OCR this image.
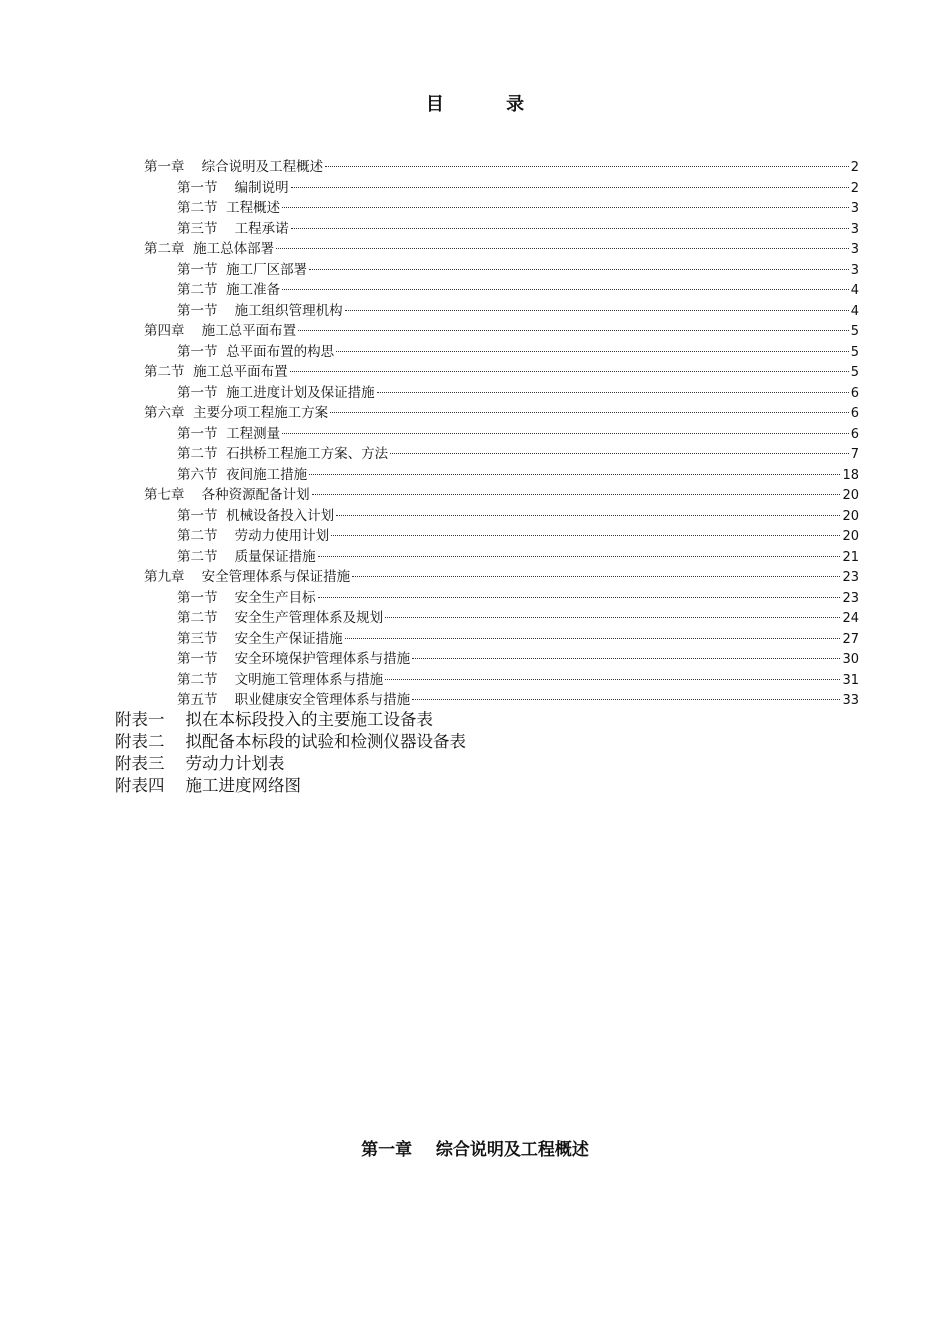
目 录
第一章    综合说明及工程概述	2
第一节    编制说明	2
第二节  工程概述	3
第三节    工程承诺	3
第二章  施工总体部署	3
第一节  施工厂区部署	3
第二节  施工准备	4
第一节    施工组织管理机构	4
第四章    施工总平面布置	5
第一节  总平面布置的构思	5
第二节  施工总平面布置	5
第一节  施工进度计划及保证措施	6
第六章  主要分项工程施工方案	6
第一节  工程测量	6
第二节  石拱桥工程施工方案、方法	7
第六节  夜间施工措施	18
第七章    各种资源配备计划	20
第一节  机械设备投入计划	20
第二节    劳动力使用计划	20
第二节    质量保证措施	21
第九章    安全管理体系与保证措施	23
第一节    安全生产目标	23
第二节    安全生产管理体系及规划	24
第三节    安全生产保证措施	27
第一节    安全环境保护管理体系与措施	30
第二节    文明施工管理体系与措施	31
第五节    职业健康安全管理体系与措施	33
附表一    拟在本标段投入的主要施工设备表
附表二    拟配备本标段的试验和检测仪器设备表
附表三    劳动力计划表
附表四    施工进度网络图
第一章    综合说明及工程概述
